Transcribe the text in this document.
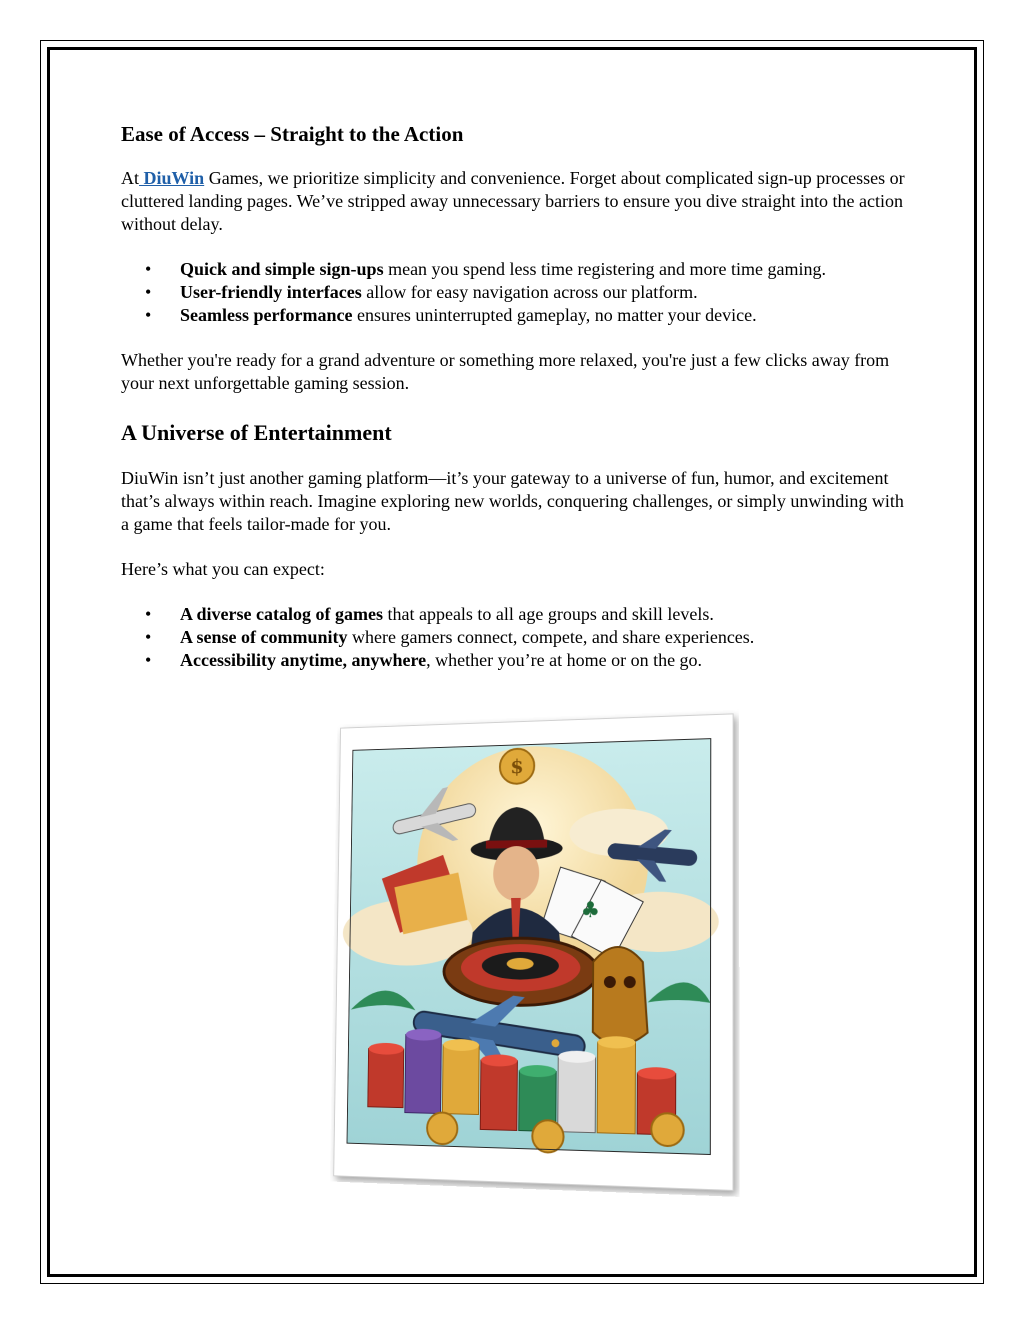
Ease of Access – Straight to the Action

At DiuWin Games, we prioritize simplicity and convenience. Forget about complicated sign-up processes or cluttered landing pages. We’ve stripped away unnecessary barriers to ensure you dive straight into the action without delay.

• Quick and simple sign-ups mean you spend less time registering and more time gaming.
• User-friendly interfaces allow for easy navigation across our platform.
• Seamless performance ensures uninterrupted gameplay, no matter your device.

Whether you're ready for a grand adventure or something more relaxed, you're just a few clicks away from your next unforgettable gaming session.

A Universe of Entertainment

DiuWin isn’t just another gaming platform—it’s your gateway to a universe of fun, humor, and excitement that’s always within reach. Imagine exploring new worlds, conquering challenges, or simply unwinding with a game that feels tailor-made for you.

Here’s what you can expect:

• A diverse catalog of games that appeals to all age groups and skill levels.
• A sense of community where gamers connect, compete, and share experiences.
• Accessibility anytime, anywhere, whether you’re at home or on the go.
$
♣
